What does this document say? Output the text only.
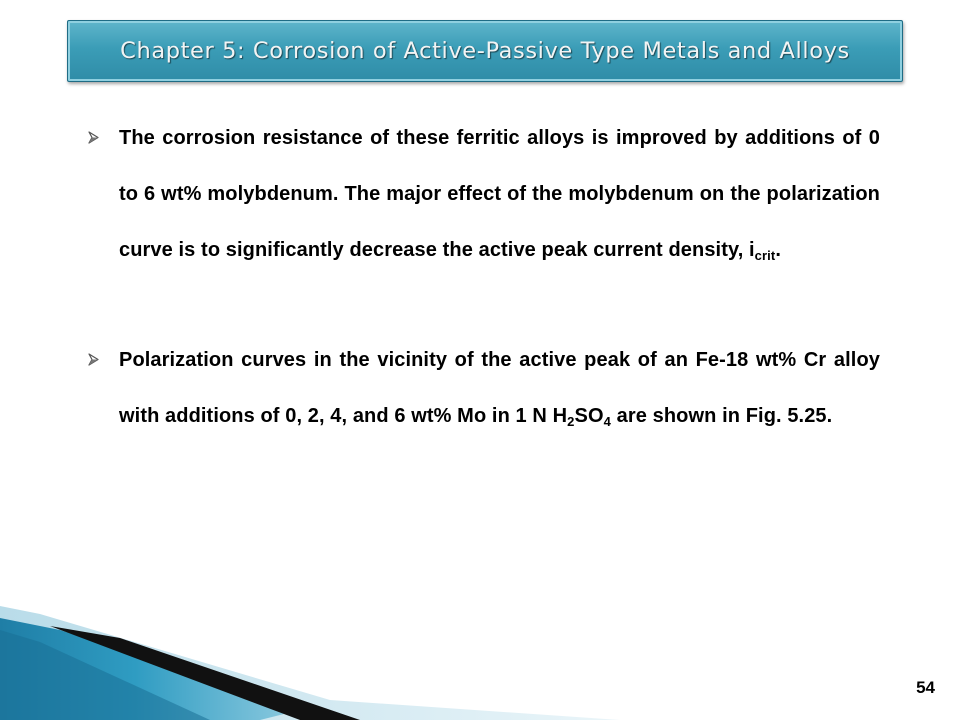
Chapter 5: Corrosion of Active-Passive Type Metals and Alloys
The corrosion resistance of these ferritic alloys is improved by additions of 0 to 6 wt% molybdenum. The major effect of the molybdenum on the polarization curve is to significantly decrease the active peak current density, $i_{crit}$.
Polarization curves in the vicinity of the active peak of an Fe-18 wt% Cr alloy with additions of 0, 2, 4, and 6 wt% Mo in 1 N $H_2SO_4$ are shown in Fig. 5.25.
54
